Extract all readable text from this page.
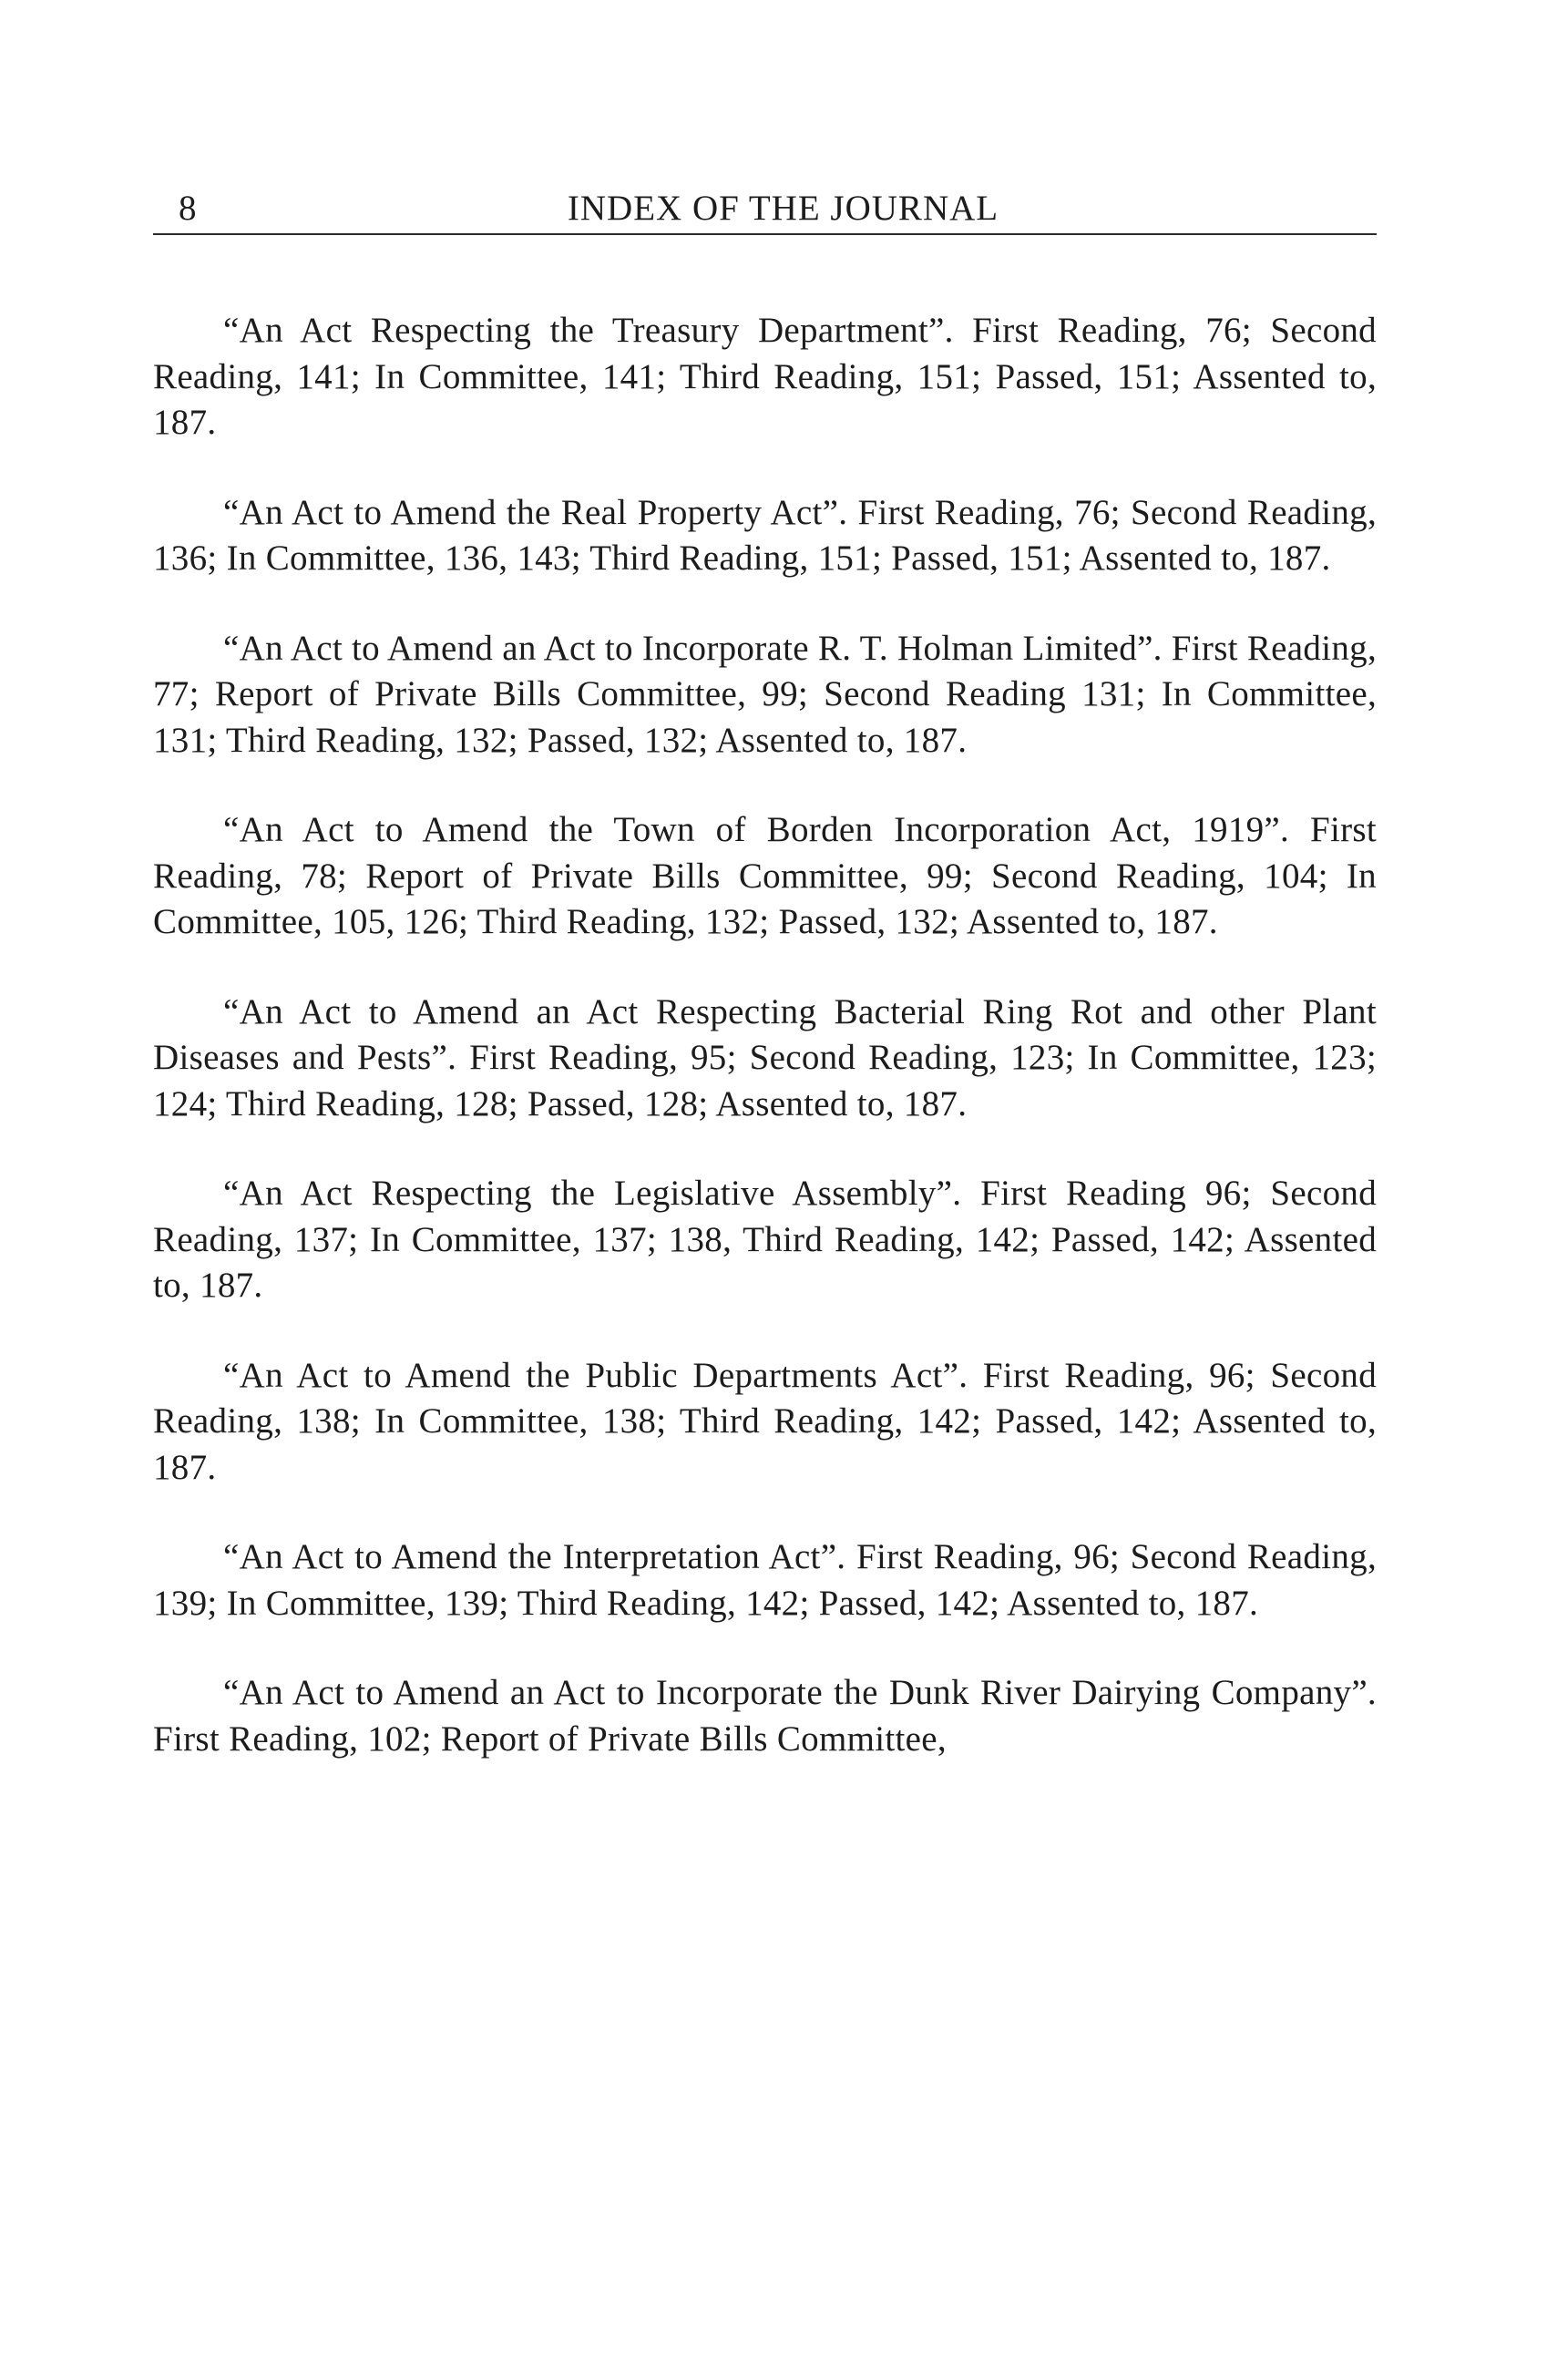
8	INDEX OF THE JOURNAL

“An Act Respecting the Treasury Department”. First Reading, 76; Second Reading, 141; In Committee, 141; Third Reading, 151; Passed, 151; Assented to, 187.

“An Act to Amend the Real Property Act”. First Reading, 76; Second Reading, 136; In Committee, 136, 143; Third Reading, 151; Passed, 151; Assented to, 187.

“An Act to Amend an Act to Incorporate R. T. Holman Limited”. First Reading, 77; Report of Private Bills Committee, 99; Second Reading 131; In Committee, 131; Third Reading, 132; Passed, 132; Assented to, 187.

“An Act to Amend the Town of Borden Incorporation Act, 1919”. First Reading, 78; Report of Private Bills Committee, 99; Second Reading, 104; In Committee, 105, 126; Third Reading, 132; Passed, 132; Assented to, 187.

“An Act to Amend an Act Respecting Bacterial Ring Rot and other Plant Diseases and Pests”. First Reading, 95; Second Reading, 123; In Committee, 123; 124; Third Reading, 128; Passed, 128; Assented to, 187.

“An Act Respecting the Legislative Assembly”. First Reading 96; Second Reading, 137; In Committee, 137; 138, Third Reading, 142; Passed, 142; Assented to, 187.

“An Act to Amend the Public Departments Act”. First Reading, 96; Second Reading, 138; In Committee, 138; Third Reading, 142; Passed, 142; Assented to, 187.

“An Act to Amend the Interpretation Act”. First Reading, 96; Second Reading, 139; In Committee, 139; Third Reading, 142; Passed, 142; Assented to, 187.

“An Act to Amend an Act to Incorporate the Dunk River Dairying Company”. First Reading, 102; Report of Private Bills Committee,
